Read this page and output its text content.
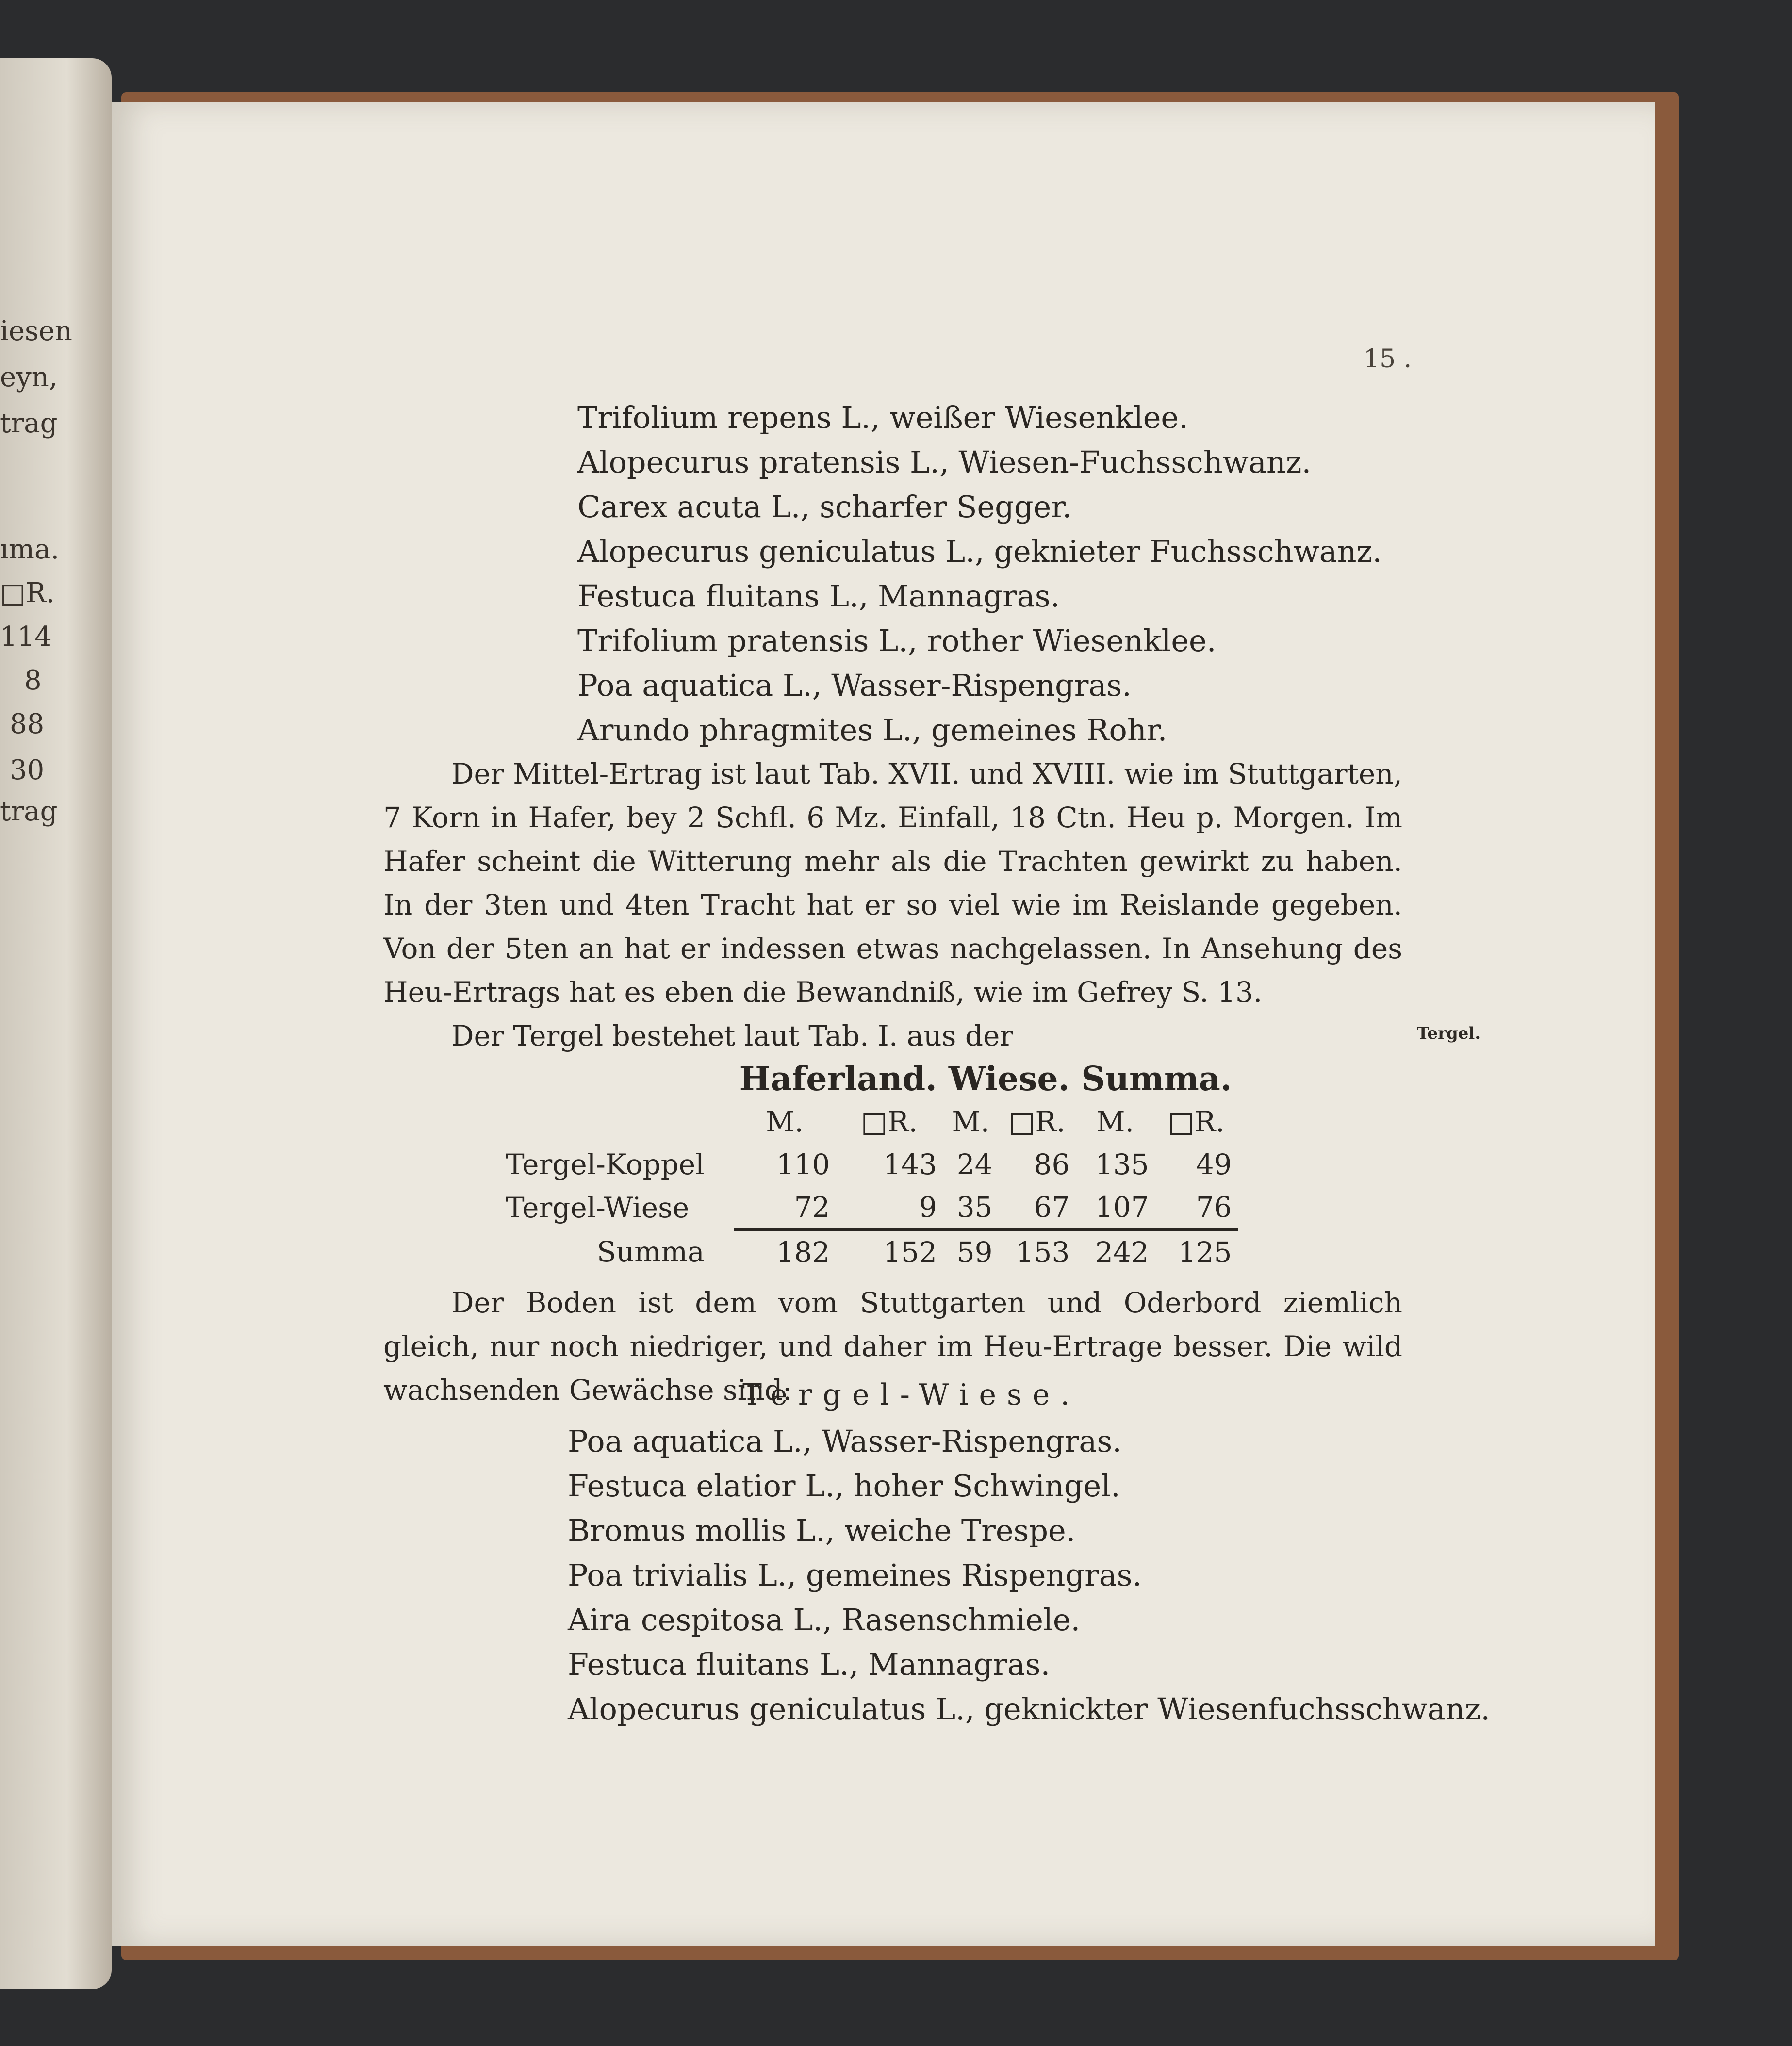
iesen
eyn,
trag
ıma.
□R.
114
8
88
30
trag
15 .
Tergel.
Trifolium repens L., weißer Wiesenklee.
Alopecurus pratensis L., Wiesen-Fuchsschwanz.
Carex acuta L., scharfer Segger.
Alopecurus geniculatus L., geknieter Fuchsschwanz.
Festuca fluitans L., Mannagras.
Trifolium pratensis L., rother Wiesenklee.
Poa aquatica L., Wasser-Rispengras.
Arundo phragmites L., gemeines Rohr.
Der Mittel-Ertrag ist laut Tab. XVII. und XVIII. wie im Stuttgarten, 7 Korn in Hafer, bey 2 Schfl. 6 Mz. Einfall, 18 Ctn. Heu p. Morgen. Im Hafer scheint die Witterung mehr als die Trachten gewirkt zu haben. In der 3ten und 4ten Tracht hat er so viel wie im Reislande gegeben. Von der 5ten an hat er indessen etwas nachgelassen. In Ansehung des Heu-Ertrags hat es eben die Bewandniß, wie im Gefrey S. 13.
Der Tergel bestehet laut Tab. I. aus der
	Haferland.		Wiese.		Summa.	
	M.	□R.	M.	□R.	M.	□R.
Tergel-Koppel	110	143	24	86	135	49
Tergel-Wiese	72	9	35	67	107	76
Summa	182	152	59	153	242	125
Der Boden ist dem vom Stuttgarten und Oderbord ziemlich gleich, nur noch niedriger, und daher im Heu-Ertrage besser. Die wild wachsenden Gewächse sind:
Tergel-Wiese.
Poa aquatica L., Wasser-Rispengras.
Festuca elatior L., hoher Schwingel.
Bromus mollis L., weiche Trespe.
Poa trivialis L., gemeines Rispengras.
Aira cespitosa L., Rasenschmiele.
Festuca fluitans L., Mannagras.
Alopecurus geniculatus L., geknickter Wiesenfuchsschwanz.
